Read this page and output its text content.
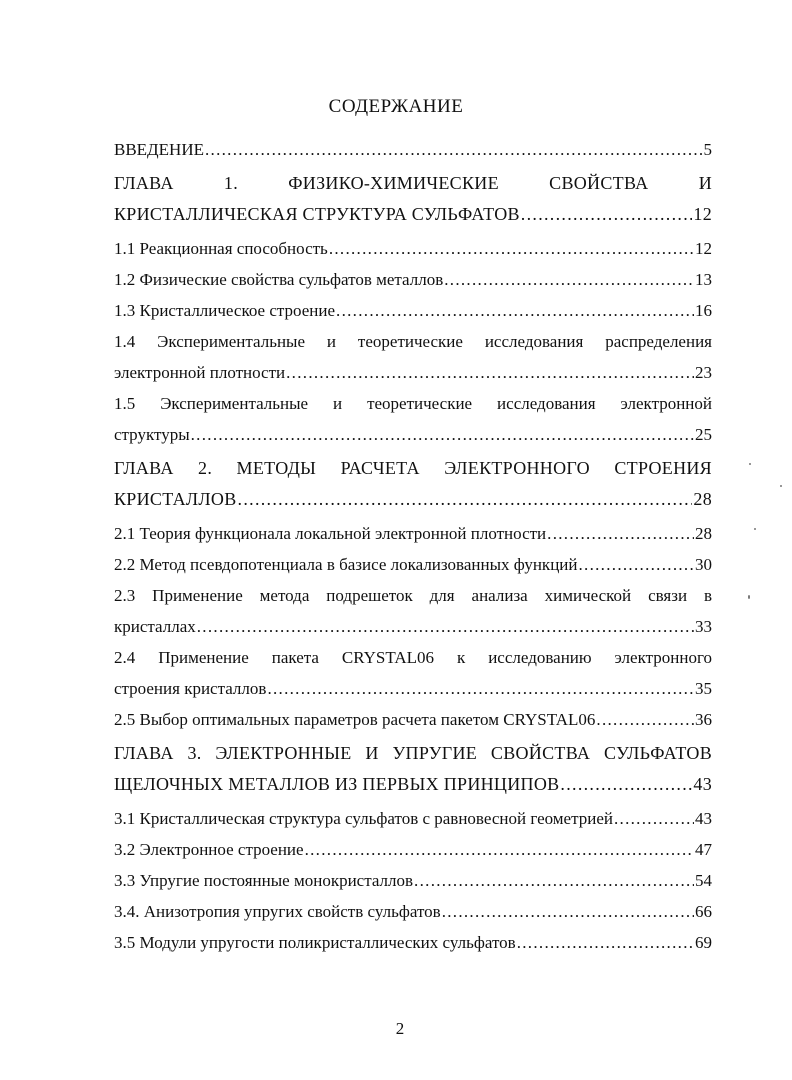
СОДЕРЖАНИЕ
ВВЕДЕНИЕ .....	5
ГЛАВА 1. ФИЗИКО-ХИМИЧЕСКИЕ СВОЙСТВА И
КРИСТАЛЛИЧЕСКАЯ СТРУКТУРА СУЛЬФАТОВ .....	12
1.1 Реакционная способность .....	12
1.2 Физические свойства сульфатов металлов .....	13
1.3 Кристаллическое строение .....	16
1.4 Экспериментальные и теоретические исследования распределения
электронной плотности .....	23
1.5 Экспериментальные и теоретические исследования электронной
структуры .....	25
ГЛАВА 2. МЕТОДЫ РАСЧЕТА ЭЛЕКТРОННОГО СТРОЕНИЯ
КРИСТАЛЛОВ .....	28
2.1 Теория функционала локальной электронной плотности .....	28
2.2 Метод псевдопотенциала в базисе локализованных функций .....	30
2.3 Применение метода подрешеток для анализа химической связи в
кристаллах .....	33
2.4 Применение пакета CRYSTAL06 к исследованию электронного
строения кристаллов .....	35
2.5 Выбор оптимальных параметров расчета пакетом CRYSTAL06 .....	36
ГЛАВА 3. ЭЛЕКТРОННЫЕ И УПРУГИЕ СВОЙСТВА СУЛЬФАТОВ
ЩЕЛОЧНЫХ МЕТАЛЛОВ ИЗ ПЕРВЫХ ПРИНЦИПОВ .....	43
3.1 Кристаллическая структура сульфатов с равновесной геометрией .....	43
3.2 Электронное строение .....	47
3.3 Упругие постоянные монокристаллов .....	54
3.4. Анизотропия упругих свойств сульфатов .....	66
3.5 Модули упругости поликристаллических сульфатов .....	69
2
